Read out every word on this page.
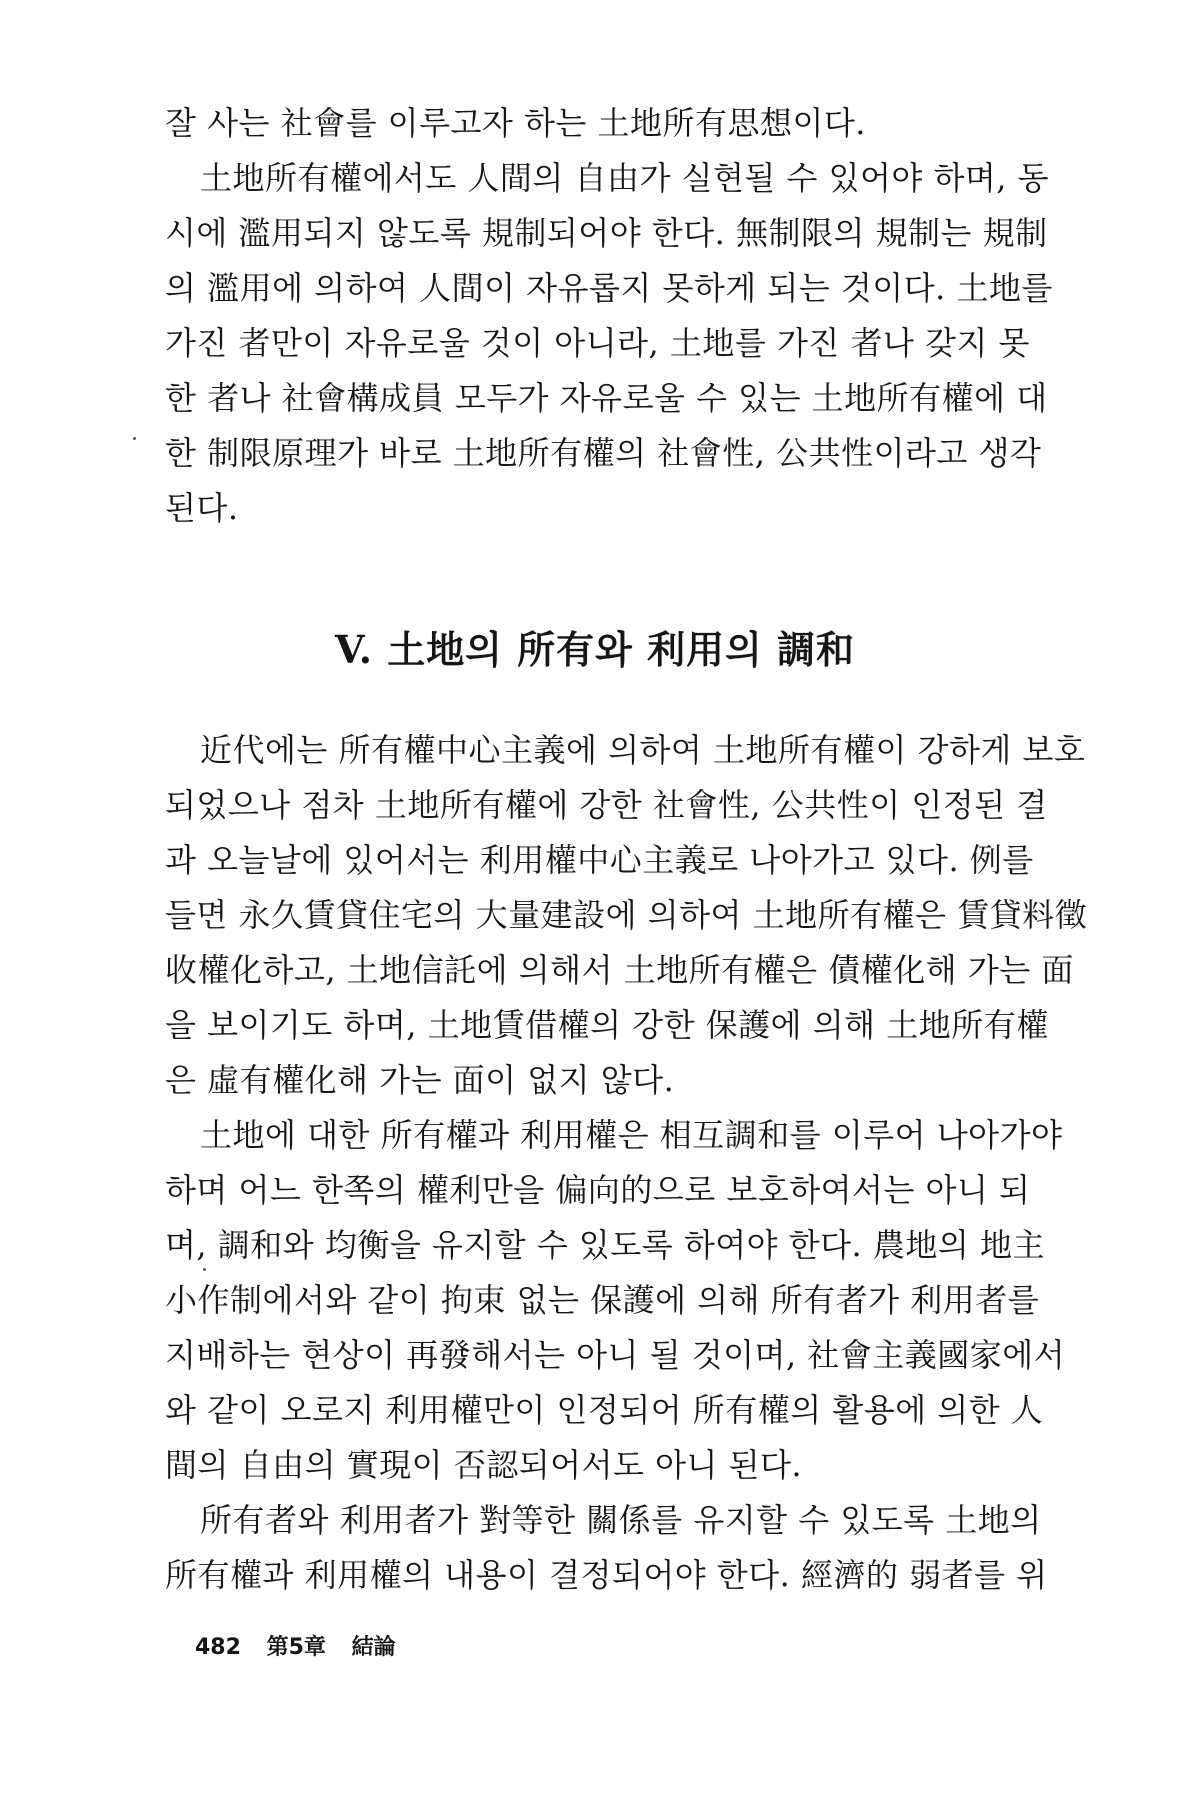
잘 사는 社會를 이루고자 하는 土地所有思想이다.
土地所有權에서도 人間의 自由가 실현될 수 있어야 하며, 동
시에 濫用되지 않도록 規制되어야 한다. 無制限의 規制는 規制
의 濫用에 의하여 人間이 자유롭지 못하게 되는 것이다. 土地를
가진 者만이 자유로울 것이 아니라, 土地를 가진 者나 갖지 못
한 者나 社會構成員 모두가 자유로울 수 있는 土地所有權에 대
한 制限原理가 바로 土地所有權의 社會性, 公共性이라고 생각
된다.
V. 土地의 所有와 利用의 調和
近代에는 所有權中心主義에 의하여 土地所有權이 강하게 보호
되었으나 점차 土地所有權에 강한 社會性, 公共性이 인정된 결
과 오늘날에 있어서는 利用權中心主義로 나아가고 있다. 例를
들면 永久賃貸住宅의 大量建設에 의하여 土地所有權은 賃貸料徵
收權化하고, 土地信託에 의해서 土地所有權은 債權化해 가는 面
을 보이기도 하며, 土地賃借權의 강한 保護에 의해 土地所有權
은 虛有權化해 가는 面이 없지 않다.
土地에 대한 所有權과 利用權은 相互調和를 이루어 나아가야
하며 어느 한쪽의 權利만을 偏向的으로 보호하여서는 아니 되
며, 調和와 均衡을 유지할 수 있도록 하여야 한다. 農地의 地主
小作制에서와 같이 拘束 없는 保護에 의해 所有者가 利用者를
지배하는 현상이 再發해서는 아니 될 것이며, 社會主義國家에서
와 같이 오로지 利用權만이 인정되어 所有權의 활용에 의한 人
間의 自由의 實現이 否認되어서도 아니 된다.
所有者와 利用者가 對等한 關係를 유지할 수 있도록 土地의
所有權과 利用權의 내용이 결정되어야 한다. 經濟的 弱者를 위
482 第5章 結論
